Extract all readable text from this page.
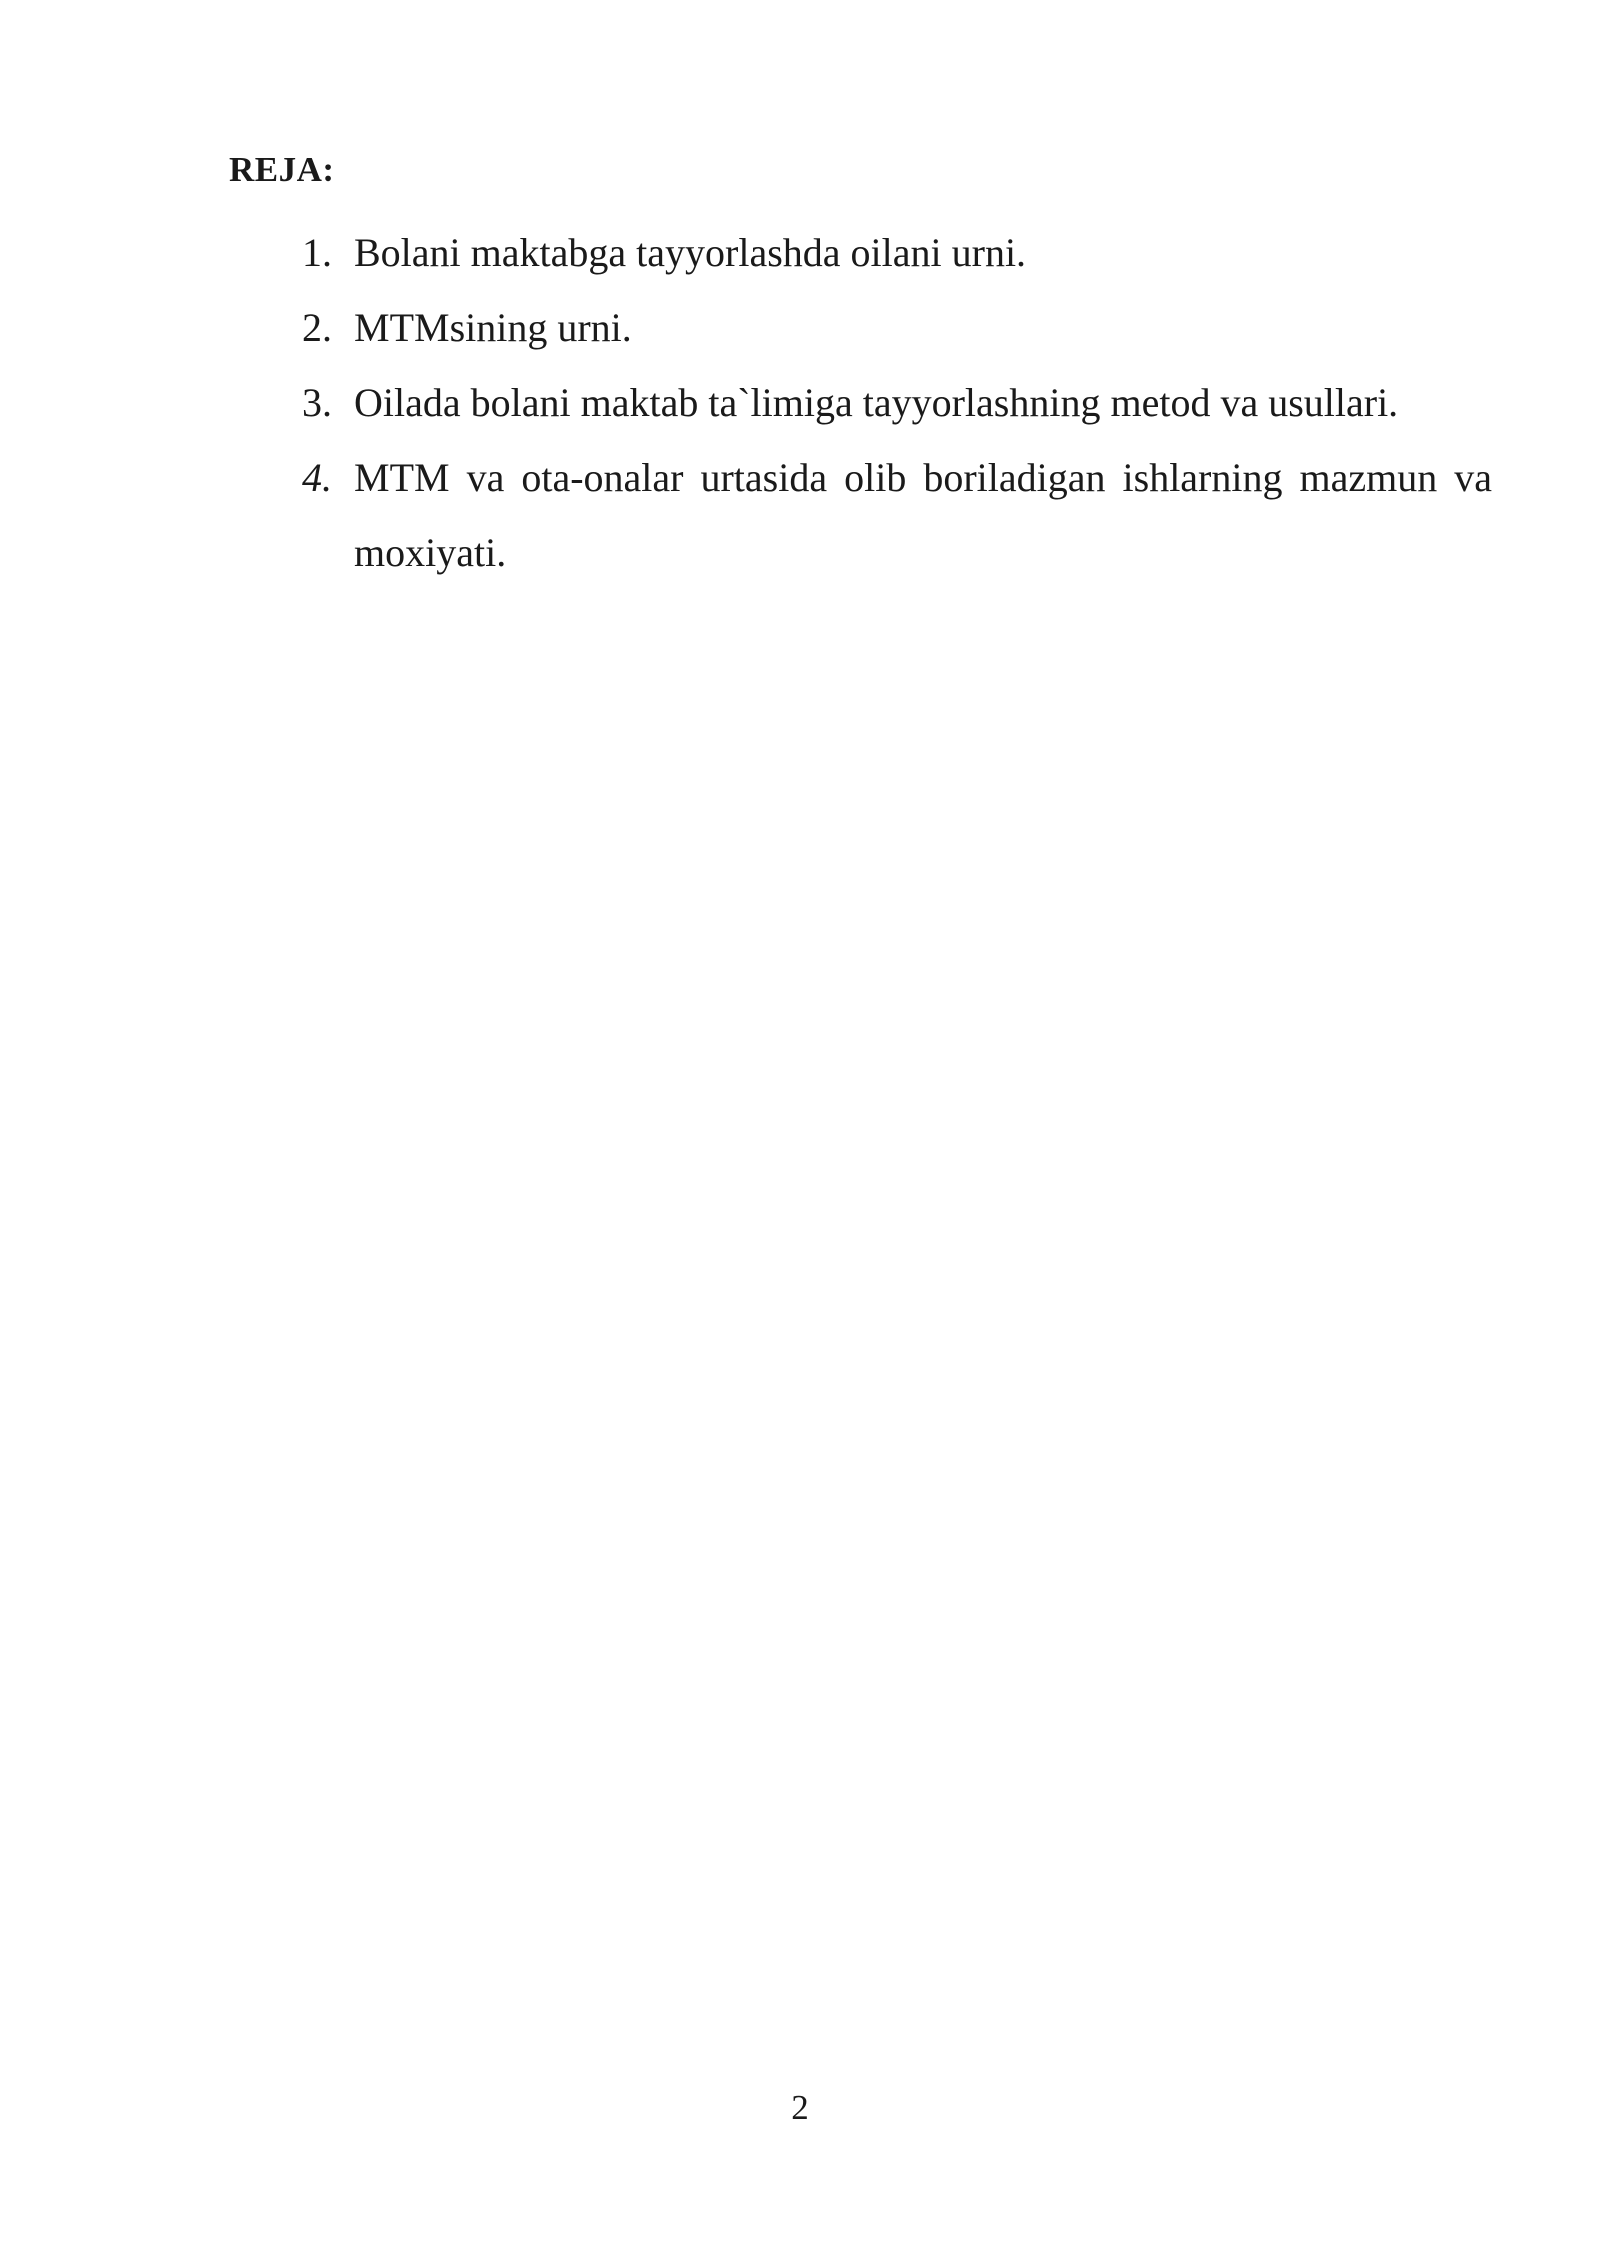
REJA:
1. Bolani maktabga tayyorlashda oilani urni.
2. MTMsining urni.
3. Oilada bolani maktab ta`limiga tayyorlashning metod va usullari.
4. MTM va ota-onalar urtasida olib boriladigan ishlarning mazmun va moxiyati.
2
